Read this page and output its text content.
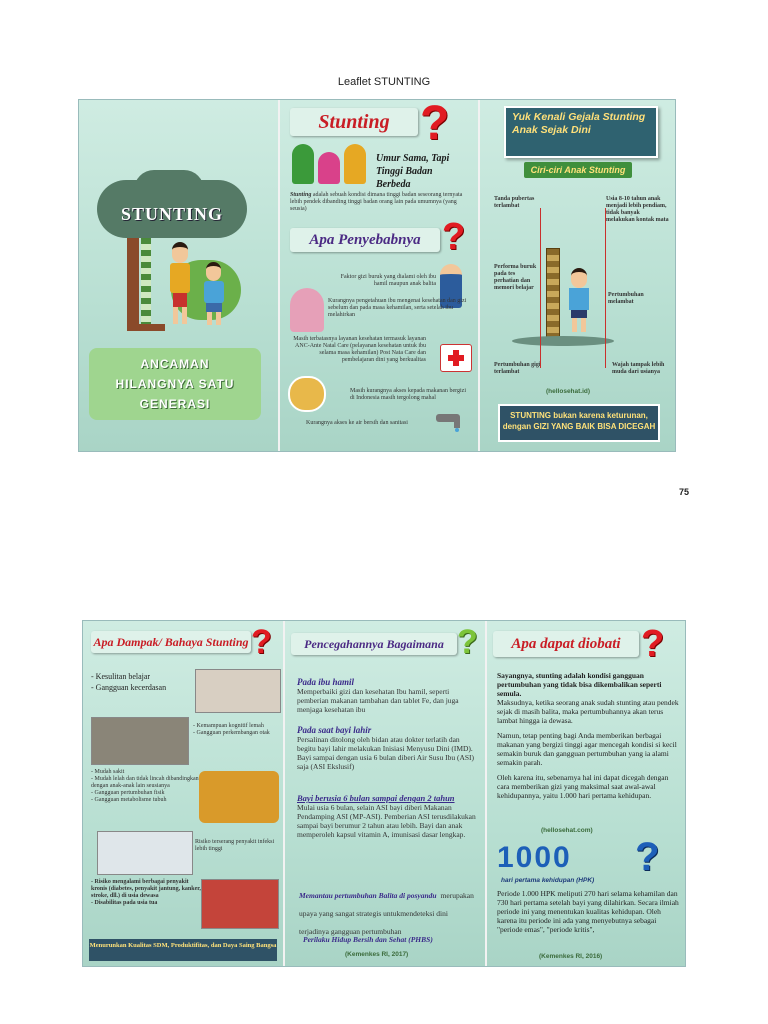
Leaflet STUNTING
STUNTING
ANCAMAN
HILANGNYA SATU
GENERASI
Stunting ?
Umur Sama, Tapi
Tinggi Badan
Berbeda
Stunting adalah sebuah kondisi dimana tinggi badan seseorang ternyata lebih pendek dibanding tinggi badan orang lain pada umumnya (yang seusia)
Apa Penyebabnya ?
Faktor gizi buruk yang dialami oleh ibu hamil maupun anak balita
Kurangnya pengetahuan ibu mengenai kesehatan dan gizi sebelum dan pada masa kehamilan, serta setelah ibu melahirkan
Masih terbatasnya layanan kesehatan termasuk layanan ANC-Ante Natal Care (pelayanan kesehatan untuk ibu selama masa kehamilan) Post Nata Care dan pembelajaran dini yang berkualitas
Masih kurangnya akses kepada makanan bergizi di Indonesia masih tergolong mahal
Kurangnya akses ke air bersih dan sanitasi
Yuk Kenali Gejala Stunting Anak Sejak Dini
Ciri-ciri Anak Stunting
Tanda pubertas terlambat
Usia 8-10 tahun anak menjadi lebih pendiam, tidak banyak melakukan kontak mata
Performa buruk pada tes perhatian dan memori belajar
Pertumbuhan melambat
Pertumbuhan gigi terlambat
Wajah tampak lebih muda dari usianya
(hellosehat.id)
STUNTING bukan karena keturunan, dengan GIZI YANG BAIK BISA DICEGAH
75
Apa Dampak/ Bahaya Stunting ?
- Kesulitan belajar
- Gangguan kecerdasan
- Kemampuan kognitif lemah
- Gangguan perkembangan otak
- Mudah sakit
- Mudah lelah dan tidak lincah dibandingkan dengan anak-anak lain seusianya
- Gangguan pertumbuhan fisik
- Gangguan metabolisme tubuh
Risiko terserang penyakit infeksi lebih tinggi
- Risiko mengalami berbagai penyakit kronis (diabetes, penyakit jantung, kanker, stroke, dll.) di usia dewasa
- Disabilitas pada usia tua
Menurunkan Kualitas SDM, Produktifitas, dan Daya Saing Bangsa
Pencegahannya Bagaimana ?
Pada ibu hamil
Memperbaiki gizi dan kesehatan Ibu hamil, seperti pemberian makanan tambahan dan tablet Fe, dan juga menjaga kesehatan ibu
Pada saat bayi lahir
Persalinan ditolong oleh bidan atau dokter terlatih dan begitu bayi lahir melakukan Inisiasi Menyusu Dini (IMD). Bayi sampai dengan usia 6 bulan diberi Air Susu Ibu (ASI) saja (ASI Ekslusif)
Bayi berusia 6 bulan sampai dengan 2 tahun
Mulai usia 6 bulan, selain ASI bayi diberi Makanan Pendamping ASI (MP-ASI). Pemberian ASI terusdilakukan sampai bayi berumur 2 tahun atau lebih. Bayi dan anak memperoleh kapsul vitamin A, imunisasi dasar lengkap.
Memantau pertumbuhan Balita di posyandu merupakan upaya yang sangat strategis untukmendeteksi dini terjadinya gangguan pertumbuhan
Perilaku Hidup Bersih dan Sehat (PHBS)
(Kemenkes RI, 2017)
Apa dapat diobati ?
Sayangnya, stunting adalah kondisi gangguan pertumbuhan yang tidak bisa dikembalikan seperti semula.
Maksudnya, ketika seorang anak sudah stunting atau pendek sejak di masih balita, maka pertumbuhannya akan terus lambat hingga ia dewasa.
Namun, tetap penting bagi Anda memberikan berbagai makanan yang bergizi tinggi agar mencegah kondisi si kecil semakin buruk dan gangguan pertumbuhan yang ia alami semakin parah.
Oleh karena itu, sebenarnya hal ini dapat dicegah dengan cara memberikan gizi yang maksimal saat awal-awal kehidupannya, yaitu 1.000 hari pertama kehidupan.
(hellosehat.com)
1000 ?
hari pertama kehidupan (HPK)
Periode 1.000 HPK meliputi 270 hari selama kehamilan dan 730 hari pertama setelah bayi yang dilahirkan. Secara ilmiah periode ini yang menentukan kualitas kehidupan. Oleh karena itu periode ini ada yang menyebutnya sebagai "periode emas", "periode kritis",
(Kemenkes RI, 2016)
